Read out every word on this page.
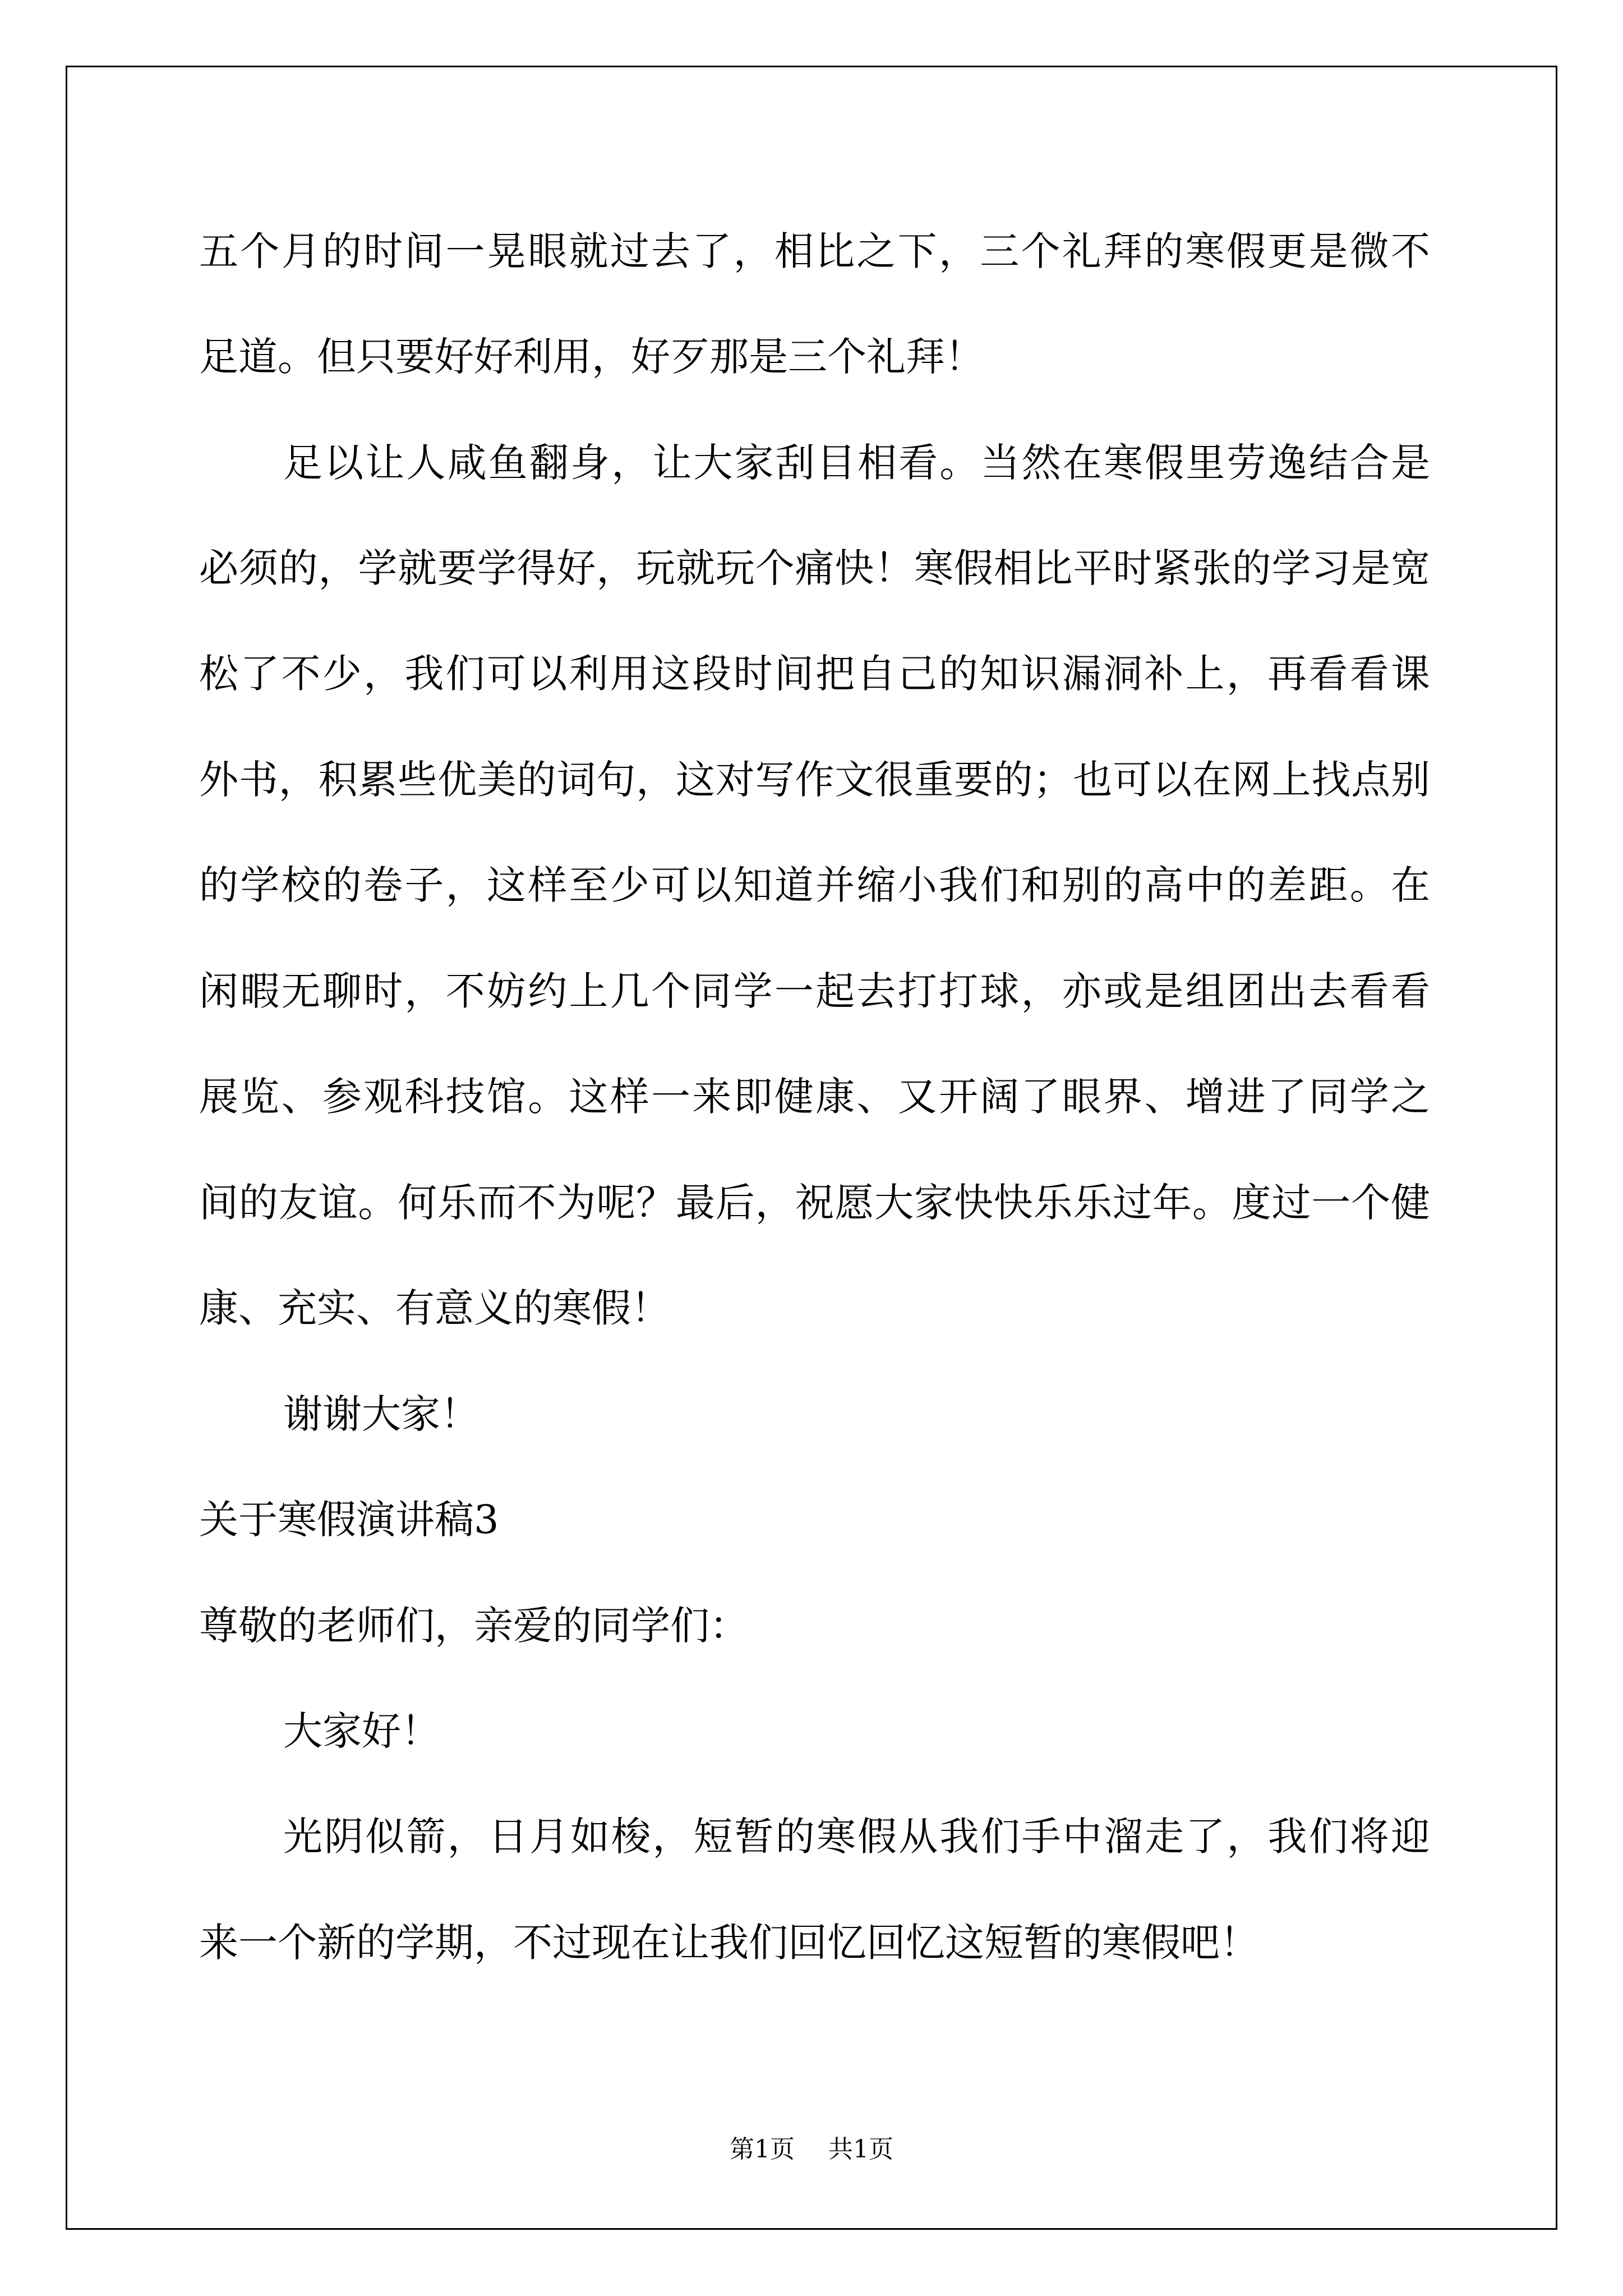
五个月的时间一晃眼就过去了，相比之下，三个礼拜的寒假更是微不
足道。但只要好好利用，好歹那是三个礼拜！
足以让人咸鱼翻身，让大家刮目相看。当然在寒假里劳逸结合是
必须的，学就要学得好，玩就玩个痛快！寒假相比平时紧张的学习是宽
松了不少，我们可以利用这段时间把自己的知识漏洞补上，再看看课
外书，积累些优美的词句，这对写作文很重要的；也可以在网上找点别
的学校的卷子，这样至少可以知道并缩小我们和别的高中的差距。在
闲暇无聊时，不妨约上几个同学一起去打打球，亦或是组团出去看看
展览、参观科技馆。这样一来即健康、又开阔了眼界、增进了同学之
间的友谊。何乐而不为呢？最后，祝愿大家快快乐乐过年。度过一个健
康、充实、有意义的寒假！
谢谢大家！
关于寒假演讲稿3
尊敬的老师们，亲爱的同学们：
大家好！
光阴似箭，日月如梭，短暂的寒假从我们手中溜走了，我们将迎
来一个新的学期，不过现在让我们回忆回忆这短暂的寒假吧！
第1页 共1页
